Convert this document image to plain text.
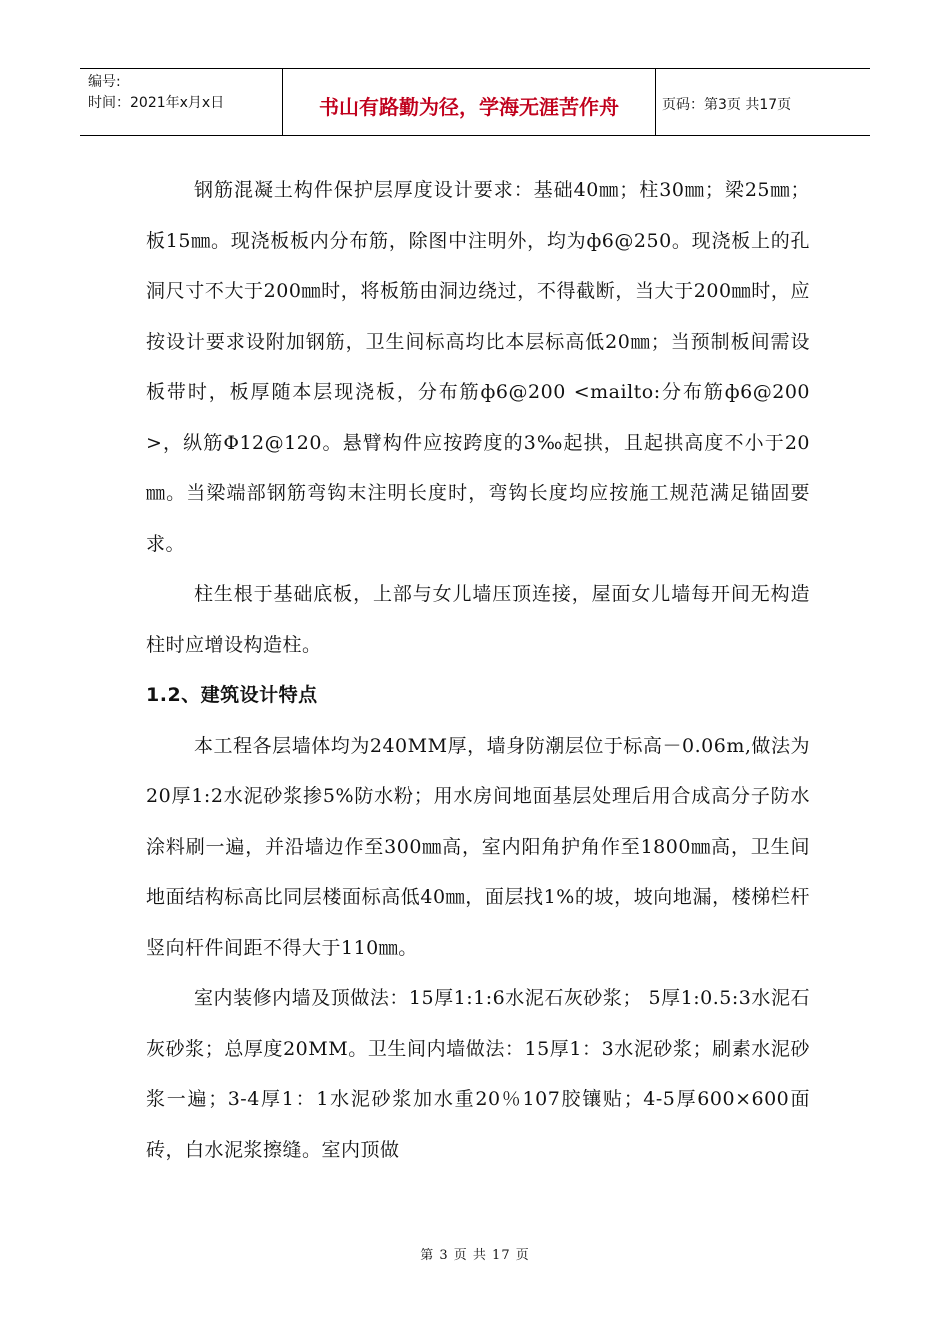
编号:
时间：2021年x月x日	书山有路勤为径，学海无涯苦作舟	页码：第3页 共17页

钢筋混凝土构件保护层厚度设计要求：基础40㎜；柱30㎜；梁25㎜；板15㎜。现浇板板内分布筋，除图中注明外，均为ф6@250。现浇板上的孔洞尺寸不大于200㎜时，将板筋由洞边绕过，不得截断，当大于200㎜时，应按设计要求设附加钢筋，卫生间标高均比本层标高低20㎜；当预制板间需设板带时，板厚随本层现浇板，分布筋ф6@200 <mailto:分布筋ф6@200>，纵筋Φ12@120。悬臂构件应按跨度的3‰起拱，且起拱高度不小于20㎜。当梁端部钢筋弯钩末注明长度时，弯钩长度均应按施工规范满足锚固要求。

柱生根于基础底板，上部与女儿墙压顶连接，屋面女儿墙每开间无构造柱时应增设构造柱。

1.2、建筑设计特点

本工程各层墙体均为240MM厚，墙身防潮层位于标高－0.06m,做法为20厚1:2水泥砂浆掺5%防水粉；用水房间地面基层处理后用合成高分子防水涂料刷一遍，并沿墙边作至300㎜高，室内阳角护角作至1800㎜高，卫生间地面结构标高比同层楼面标高低40㎜，面层找1%的坡，坡向地漏，楼梯栏杆竖向杆件间距不得大于110㎜。

室内装修内墙及顶做法：15厚1:1:6水泥石灰砂浆； 5厚1:0.5:3水泥石灰砂浆；总厚度20MM。卫生间内墙做法：15厚1：3水泥砂浆；刷素水泥砂浆一遍；3-4厚1：1水泥砂浆加水重20％107胶镶贴；4-5厚600×600面砖，白水泥浆擦缝。室内顶做

第 3 页 共 17 页
